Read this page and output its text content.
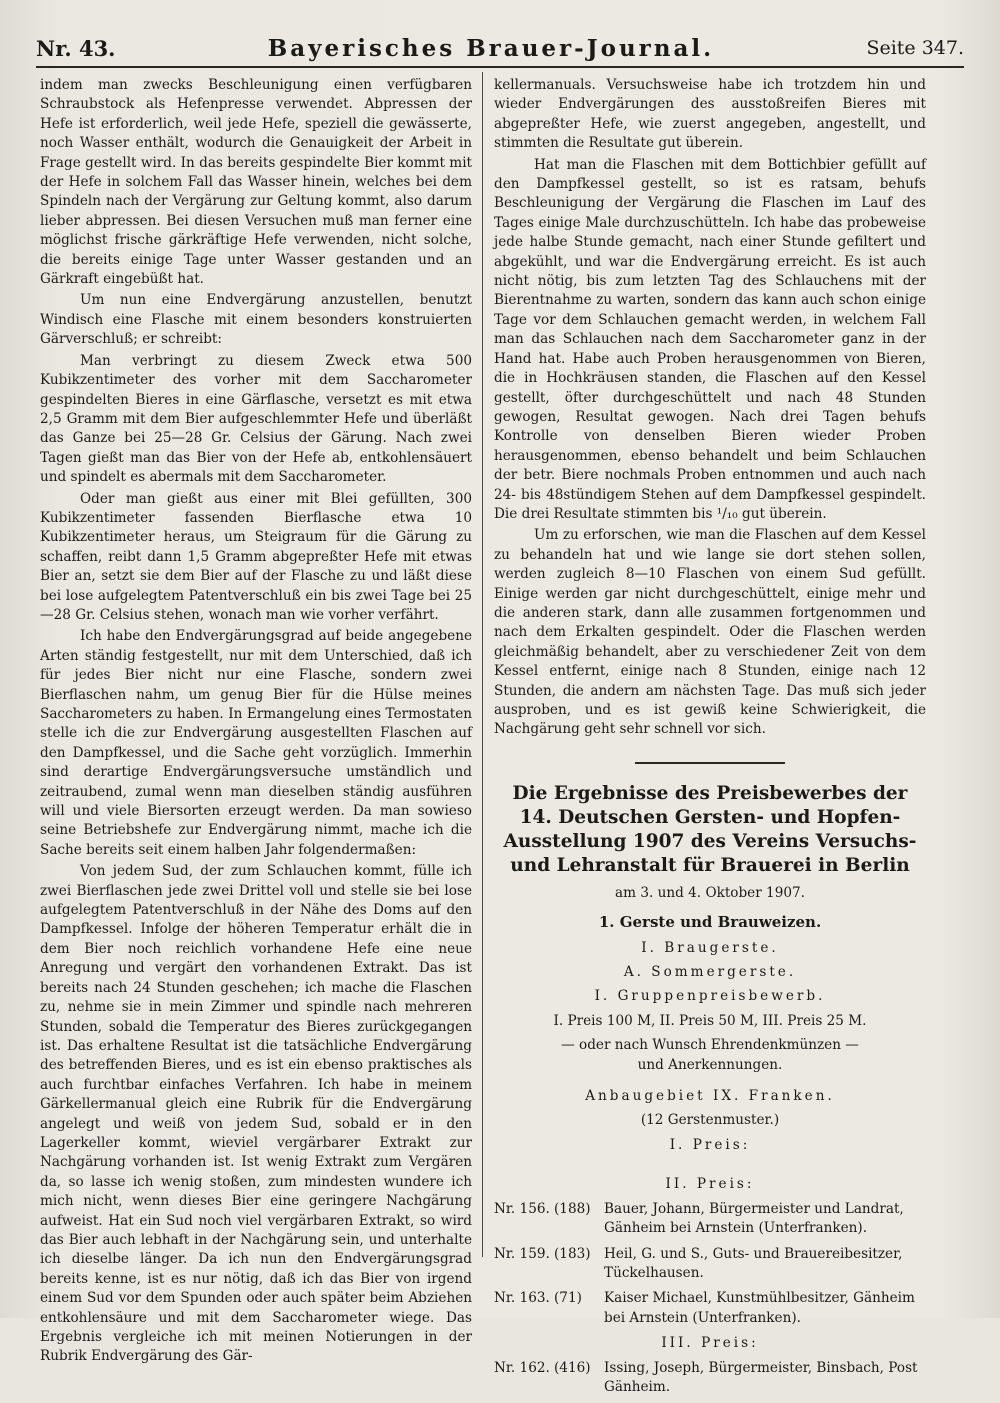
Nr. 43.	Bayerisches Brauer-Journal.	Seite 347.

indem man zwecks Beschleunigung einen verfügbaren Schraubstock als Hefenpresse verwendet. Abpressen der Hefe ist erforderlich, weil jede Hefe, speziell die gewässerte, noch Wasser enthält, wodurch die Genauigkeit der Arbeit in Frage gestellt wird. In das bereits gespindelte Bier kommt mit der Hefe in solchem Fall das Wasser hinein, welches bei dem Spindeln nach der Vergärung zur Geltung kommt, also darum lieber abpressen. Bei diesen Versuchen muß man ferner eine möglichst frische gärkräftige Hefe verwenden, nicht solche, die bereits einige Tage unter Wasser gestanden und an Gärkraft eingebüßt hat.

Um nun eine Endvergärung anzustellen, benutzt Windisch eine Flasche mit einem besonders konstruierten Gärverschluß; er schreibt:

Man verbringt zu diesem Zweck etwa 500 Kubikzentimeter des vorher mit dem Saccharometer gespindelten Bieres in eine Gärflasche, versetzt es mit etwa 2,5 Gramm mit dem Bier aufgeschlemmter Hefe und überläßt das Ganze bei 25—28 Gr. Celsius der Gärung. Nach zwei Tagen gießt man das Bier von der Hefe ab, entkohlensäuert und spindelt es abermals mit dem Saccharometer.

Oder man gießt aus einer mit Blei gefüllten, 300 Kubikzentimeter fassenden Bierflasche etwa 10 Kubikzentimeter heraus, um Steigraum für die Gärung zu schaffen, reibt dann 1,5 Gramm abgepreßter Hefe mit etwas Bier an, setzt sie dem Bier auf der Flasche zu und läßt diese bei lose aufgelegtem Patentverschluß ein bis zwei Tage bei 25—28 Gr. Celsius stehen, wonach man wie vorher verfährt.

Ich habe den Endvergärungsgrad auf beide angegebene Arten ständig festgestellt, nur mit dem Unterschied, daß ich für jedes Bier nicht nur eine Flasche, sondern zwei Bierflaschen nahm, um genug Bier für die Hülse meines Saccharometers zu haben. In Ermangelung eines Termostaten stelle ich die zur Endvergärung ausgestellten Flaschen auf den Dampfkessel, und die Sache geht vorzüglich. Immerhin sind derartige Endvergärungsversuche umständlich und zeitraubend, zumal wenn man dieselben ständig ausführen will und viele Biersorten erzeugt werden. Da man sowieso seine Betriebshefe zur Endvergärung nimmt, mache ich die Sache bereits seit einem halben Jahr folgendermaßen:

Von jedem Sud, der zum Schlauchen kommt, fülle ich zwei Bierflaschen jede zwei Drittel voll und stelle sie bei lose aufgelegtem Patentverschluß in der Nähe des Doms auf den Dampfkessel. Infolge der höheren Temperatur erhält die in dem Bier noch reichlich vorhandene Hefe eine neue Anregung und vergärt den vorhandenen Extrakt. Das ist bereits nach 24 Stunden geschehen; ich mache die Flaschen zu, nehme sie in mein Zimmer und spindle nach mehreren Stunden, sobald die Temperatur des Bieres zurückgegangen ist. Das erhaltene Resultat ist die tatsächliche Endvergärung des betreffenden Bieres, und es ist ein ebenso praktisches als auch furchtbar einfaches Verfahren. Ich habe in meinem Gärkellermanual gleich eine Rubrik für die Endvergärung angelegt und weiß von jedem Sud, sobald er in den Lagerkeller kommt, wieviel vergärbarer Extrakt zur Nachgärung vorhanden ist. Ist wenig Extrakt zum Vergären da, so lasse ich wenig stoßen, zum mindesten wundere ich mich nicht, wenn dieses Bier eine geringere Nachgärung aufweist. Hat ein Sud noch viel vergärbaren Extrakt, so wird das Bier auch lebhaft in der Nachgärung sein, und unterhalte ich dieselbe länger. Da ich nun den Endvergärungsgrad bereits kenne, ist es nur nötig, daß ich das Bier von irgend einem Sud vor dem Spunden oder auch später beim Abziehen entkohlensäure und mit dem Saccharometer wiege. Das Ergebnis vergleiche ich mit meinen Notierungen in der Rubrik Endvergärung des Gär-

kellermanuals. Versuchsweise habe ich trotzdem hin und wieder Endvergärungen des ausstoßreifen Bieres mit abgepreßter Hefe, wie zuerst angegeben, angestellt, und stimmten die Resultate gut überein.

Hat man die Flaschen mit dem Bottichbier gefüllt auf den Dampfkessel gestellt, so ist es ratsam, behufs Beschleunigung der Vergärung die Flaschen im Lauf des Tages einige Male durchzuschütteln. Ich habe das probeweise jede halbe Stunde gemacht, nach einer Stunde gefiltert und abgekühlt, und war die Endvergärung erreicht. Es ist auch nicht nötig, bis zum letzten Tag des Schlauchens mit der Bierentnahme zu warten, sondern das kann auch schon einige Tage vor dem Schlauchen gemacht werden, in welchem Fall man das Schlauchen nach dem Saccharometer ganz in der Hand hat. Habe auch Proben herausgenommen von Bieren, die in Hochkräusen standen, die Flaschen auf den Kessel gestellt, öfter durchgeschüttelt und nach 48 Stunden gewogen, Resultat gewogen. Nach drei Tagen behufs Kontrolle von denselben Bieren wieder Proben herausgenommen, ebenso behandelt und beim Schlauchen der betr. Biere nochmals Proben entnommen und auch nach 24- bis 48stündigem Stehen auf dem Dampfkessel gespindelt. Die drei Resultate stimmten bis ¹/₁₀ gut überein.

Um zu erforschen, wie man die Flaschen auf dem Kessel zu behandeln hat und wie lange sie dort stehen sollen, werden zugleich 8—10 Flaschen von einem Sud gefüllt. Einige werden gar nicht durchgeschüttelt, einige mehr und die anderen stark, dann alle zusammen fortgenommen und nach dem Erkalten gespindelt. Oder die Flaschen werden gleichmäßig behandelt, aber zu verschiedener Zeit von dem Kessel entfernt, einige nach 8 Stunden, einige nach 12 Stunden, die andern am nächsten Tage. Das muß sich jeder ausproben, und es ist gewiß keine Schwierigkeit, die Nachgärung geht sehr schnell vor sich.

Die Ergebnisse des Preisbewerbes der 14. Deutschen Gersten- und Hopfen-Ausstellung 1907 des Vereins Versuchs- und Lehranstalt für Brauerei in Berlin
am 3. und 4. Oktober 1907.
1. Gerste und Brauweizen.
I. Braugerste.
A. Sommergerste.
I. Gruppenpreisbewerb.
I. Preis 100 M, II. Preis 50 M, III. Preis 25 M.
— oder nach Wunsch Ehrendenkmünzen — und Anerkennungen.
Anbaugebiet IX. Franken.
(12 Gerstenmuster.)
I. Preis:
II. Preis:
Nr. 156. (188) Bauer, Johann, Bürgermeister und Landrat, Gänheim bei Arnstein (Unterfranken).
Nr. 159. (183) Heil, G. und S., Guts- und Brauereibesitzer, Tückelhausen.
Nr. 163. (71)	Kaiser Michael, Kunstmühlbesitzer, Gänheim bei Arnstein (Unterfranken).
III. Preis:
Nr. 162. (416) Issing, Joseph, Bürgermeister, Binsbach, Post Gänheim.
